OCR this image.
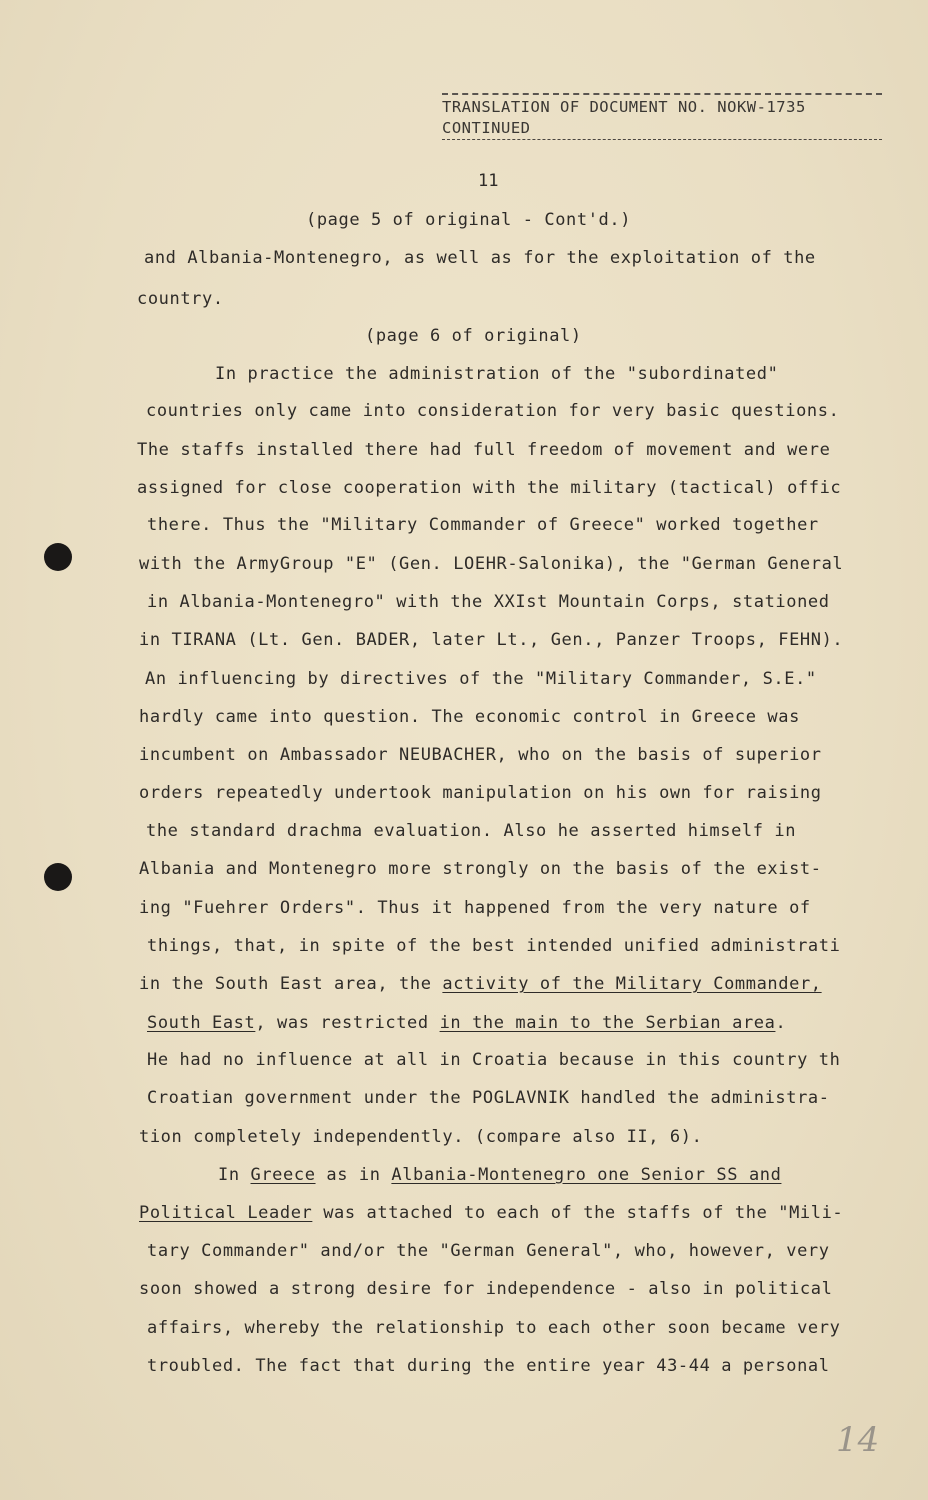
TRANSLATION OF DOCUMENT NO. NOKW-1735
CONTINUED
11
(page 5 of original - Cont'd.)
and Albania-Montenegro, as well as for the exploitation of the
country.
(page 6 of original)
In practice the administration of the "subordinated"
countries only came into consideration for very basic questions.
The staffs installed there had full freedom of movement and were
assigned for close cooperation with the military (tactical) offic
there. Thus the "Military Commander of Greece" worked together
with the ArmyGroup "E" (Gen. LOEHR-Salonika), the "German General
in Albania-Montenegro" with the XXIst Mountain Corps, stationed
in TIRANA (Lt. Gen. BADER, later Lt., Gen., Panzer Troops, FEHN).
An influencing by directives of the "Military Commander, S.E."
hardly came into question. The economic control in Greece was
incumbent on Ambassador NEUBACHER, who on the basis of superior
orders repeatedly undertook manipulation on his own for raising
the standard drachma evaluation. Also he asserted himself in
Albania and Montenegro more strongly on the basis of the exist-
ing "Fuehrer Orders". Thus it happened from the very nature of
things, that, in spite of the best intended unified administrati
in the South East area, the activity of the Military Commander,
South East, was restricted in the main to the Serbian area.
He had no influence at all in Croatia because in this country th
Croatian government under the POGLAVNIK handled the administra-
tion completely independently. (compare also II, 6).
In Greece as in Albania-Montenegro one Senior SS and
Political Leader was attached to each of the staffs of the "Mili-
tary Commander" and/or the "German General", who, however, very
soon showed a strong desire for independence - also in political
affairs, whereby the relationship to each other soon became very
troubled. The fact that during the entire year 43-44 a personal
14
